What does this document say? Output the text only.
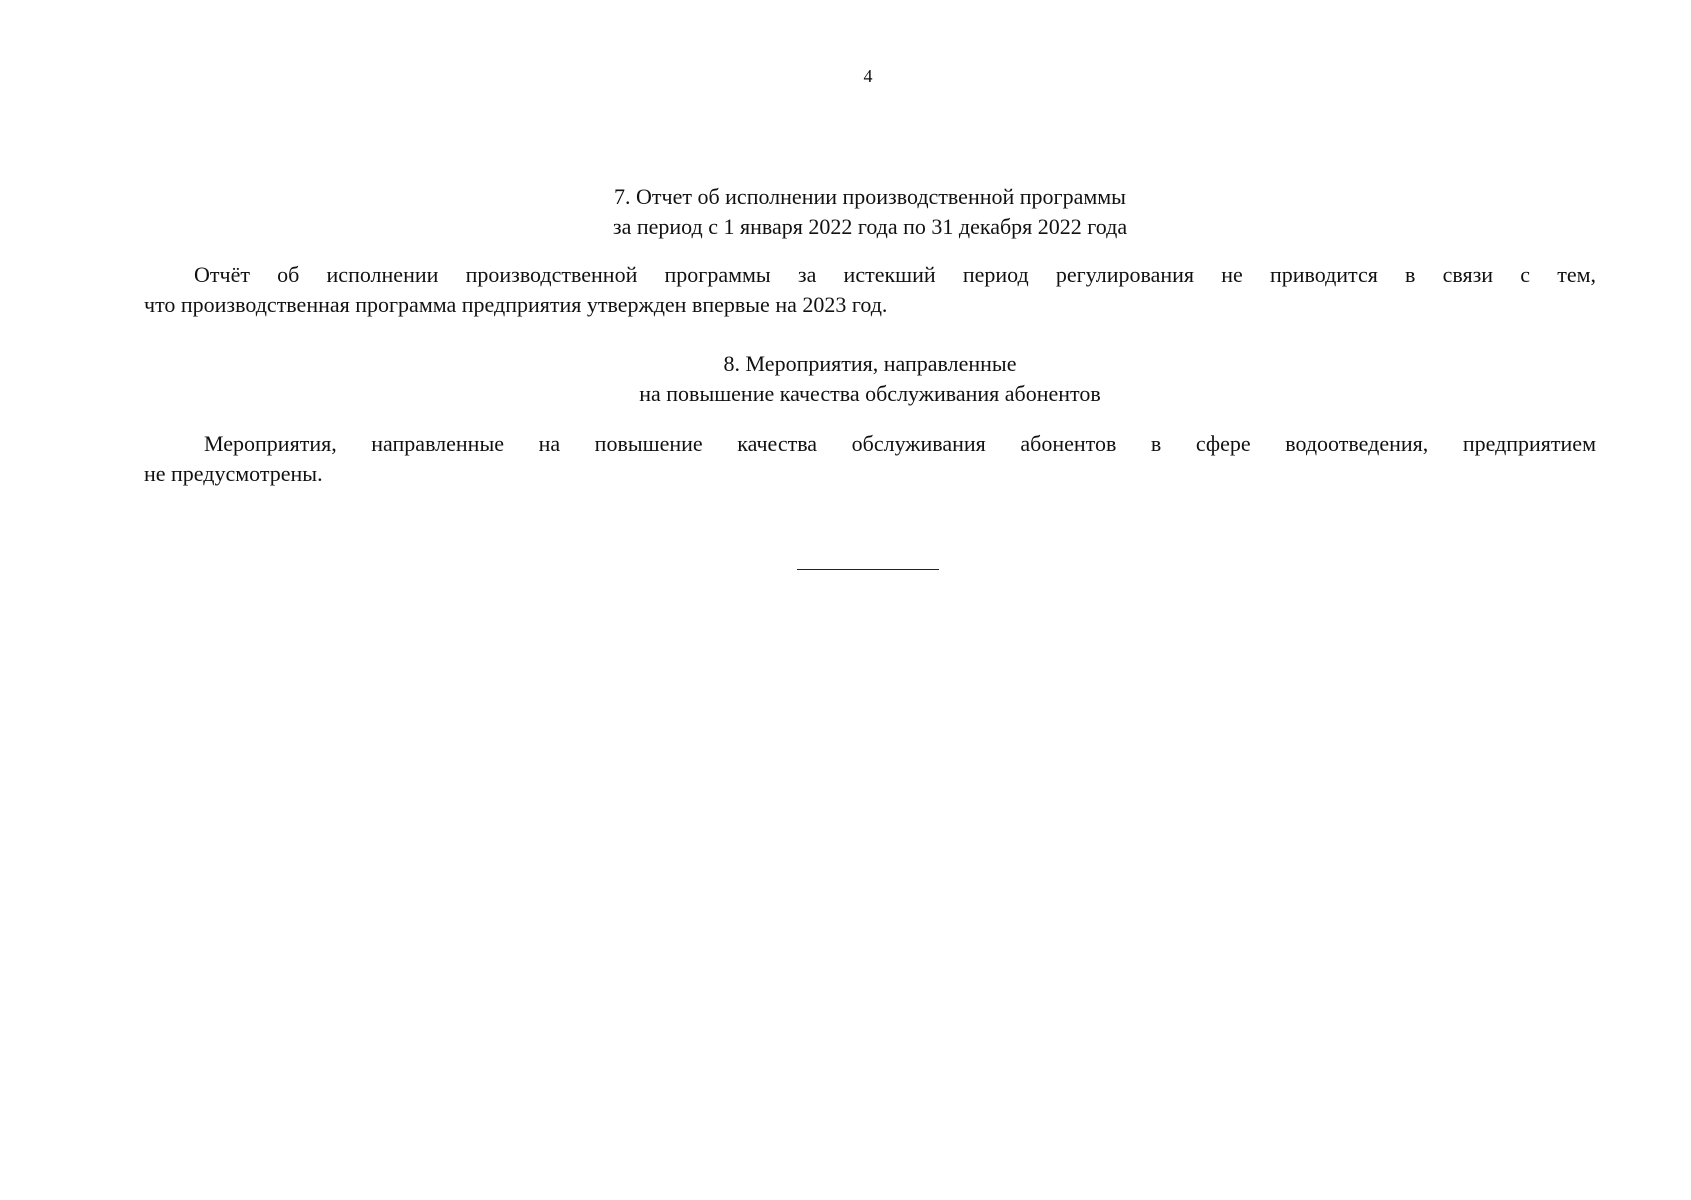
4
7. Отчет об исполнении производственной программы
за период с 1 января 2022 года по 31 декабря 2022 года
Отчёт об исполнении производственной программы за истекший период регулирования не приводится в связи с тем,
что производственная программа предприятия утвержден впервые на 2023 год.
8. Мероприятия, направленные
на повышение качества обслуживания абонентов
Мероприятия, направленные на повышение качества обслуживания абонентов в сфере водоотведения, предприятием
не предусмотрены.
